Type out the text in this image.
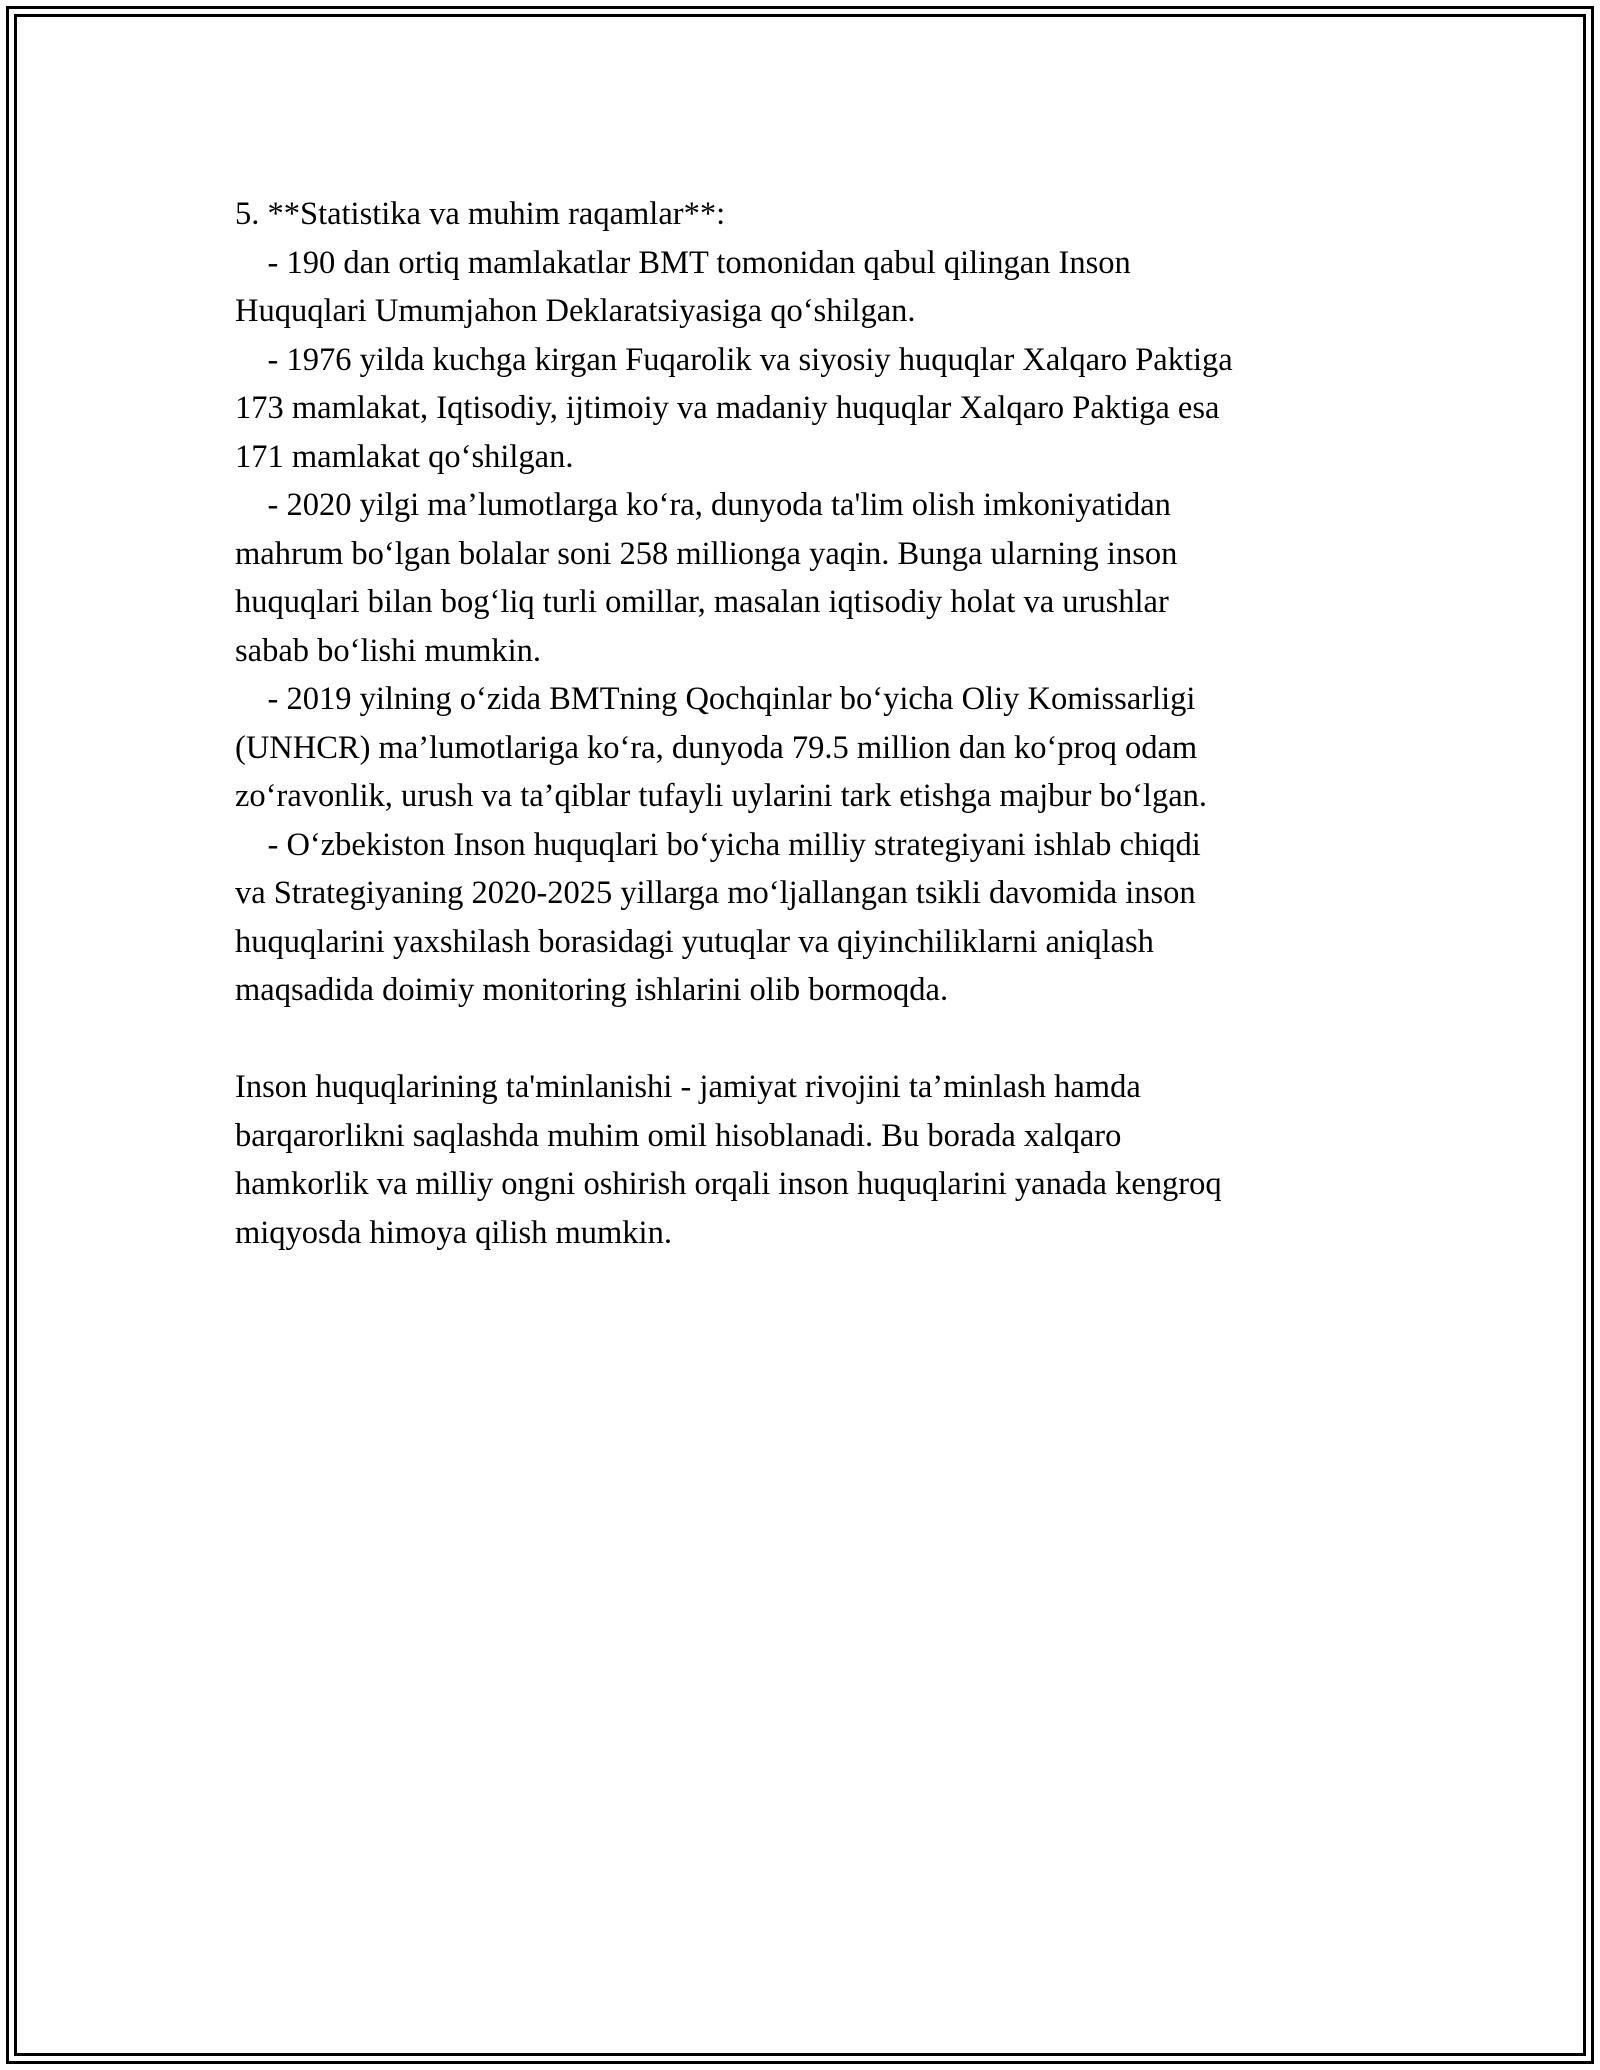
5. **Statistika va muhim raqamlar**:
- 190 dan ortiq mamlakatlar BMT tomonidan qabul qilingan Inson
Huquqlari Umumjahon Deklaratsiyasiga qo‘shilgan.
- 1976 yilda kuchga kirgan Fuqarolik va siyosiy huquqlar Xalqaro Paktiga
173 mamlakat, Iqtisodiy, ijtimoiy va madaniy huquqlar Xalqaro Paktiga esa
171 mamlakat qo‘shilgan.
- 2020 yilgi ma’lumotlarga ko‘ra, dunyoda ta'lim olish imkoniyatidan
mahrum bo‘lgan bolalar soni 258 millionga yaqin. Bunga ularning inson
huquqlari bilan bog‘liq turli omillar, masalan iqtisodiy holat va urushlar
sabab bo‘lishi mumkin.
- 2019 yilning o‘zida BMTning Qochqinlar bo‘yicha Oliy Komissarligi
(UNHCR) ma’lumotlariga ko‘ra, dunyoda 79.5 million dan ko‘proq odam
zo‘ravonlik, urush va ta’qiblar tufayli uylarini tark etishga majbur bo‘lgan.
- O‘zbekiston Inson huquqlari bo‘yicha milliy strategiyani ishlab chiqdi
va Strategiyaning 2020-2025 yillarga mo‘ljallangan tsikli davomida inson
huquqlarini yaxshilash borasidagi yutuqlar va qiyinchiliklarni aniqlash
maqsadida doimiy monitoring ishlarini olib bormoqda.
Inson huquqlarining ta'minlanishi - jamiyat rivojini ta’minlash hamda
barqarorlikni saqlashda muhim omil hisoblanadi. Bu borada xalqaro
hamkorlik va milliy ongni oshirish orqali inson huquqlarini yanada kengroq
miqyosda himoya qilish mumkin.
